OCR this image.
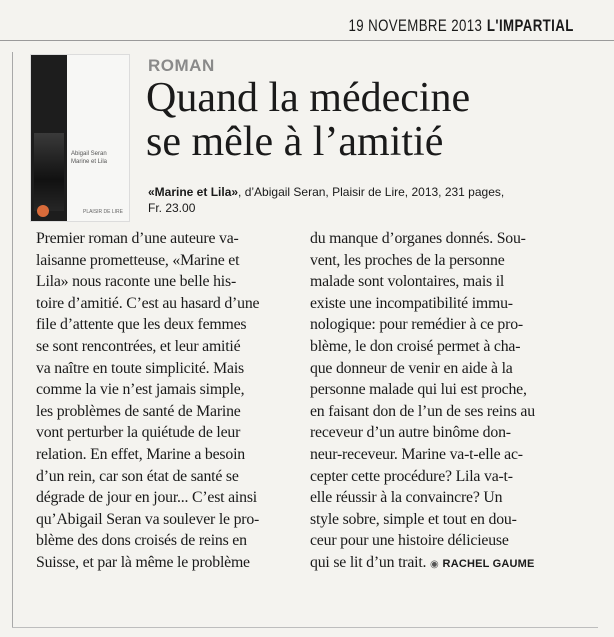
19 NOVEMBRE 2013 L'IMPARTIAL
Abigail Seran
Marine et Lila
PLAISIR DE LIRE
ROMAN
Quand la médecine
se mêle à l’amitié
«Marine et Lila», d’Abigail Seran, Plaisir de Lire, 2013, 231 pages,
Fr. 23.00
Premier roman d’une auteure va-
laisanne prometteuse, «Marine et
Lila» nous raconte une belle his-
toire d’amitié. C’est au hasard d’une
file d’attente que les deux femmes
se sont rencontrées, et leur amitié
va naître en toute simplicité. Mais
comme la vie n’est jamais simple,
les problèmes de santé de Marine
vont perturber la quiétude de leur
relation. En effet, Marine a besoin
d’un rein, car son état de santé se
dégrade de jour en jour... C’est ainsi
qu’Abigail Seran va soulever le pro-
blème des dons croisés de reins en
Suisse, et par là même le problème
du manque d’organes donnés. Sou-
vent, les proches de la personne
malade sont volontaires, mais il
existe une incompatibilité immu-
nologique: pour remédier à ce pro-
blème, le don croisé permet à cha-
que donneur de venir en aide à la
personne malade qui lui est proche,
en faisant don de l’un de ses reins au
receveur d’un autre binôme don-
neur-receveur. Marine va-t-elle ac-
cepter cette procédure? Lila va-t-
elle réussir à la convaincre? Un
style sobre, simple et tout en dou-
ceur pour une histoire délicieuse
qui se lit d’un trait. ◉ RACHEL GAUME
